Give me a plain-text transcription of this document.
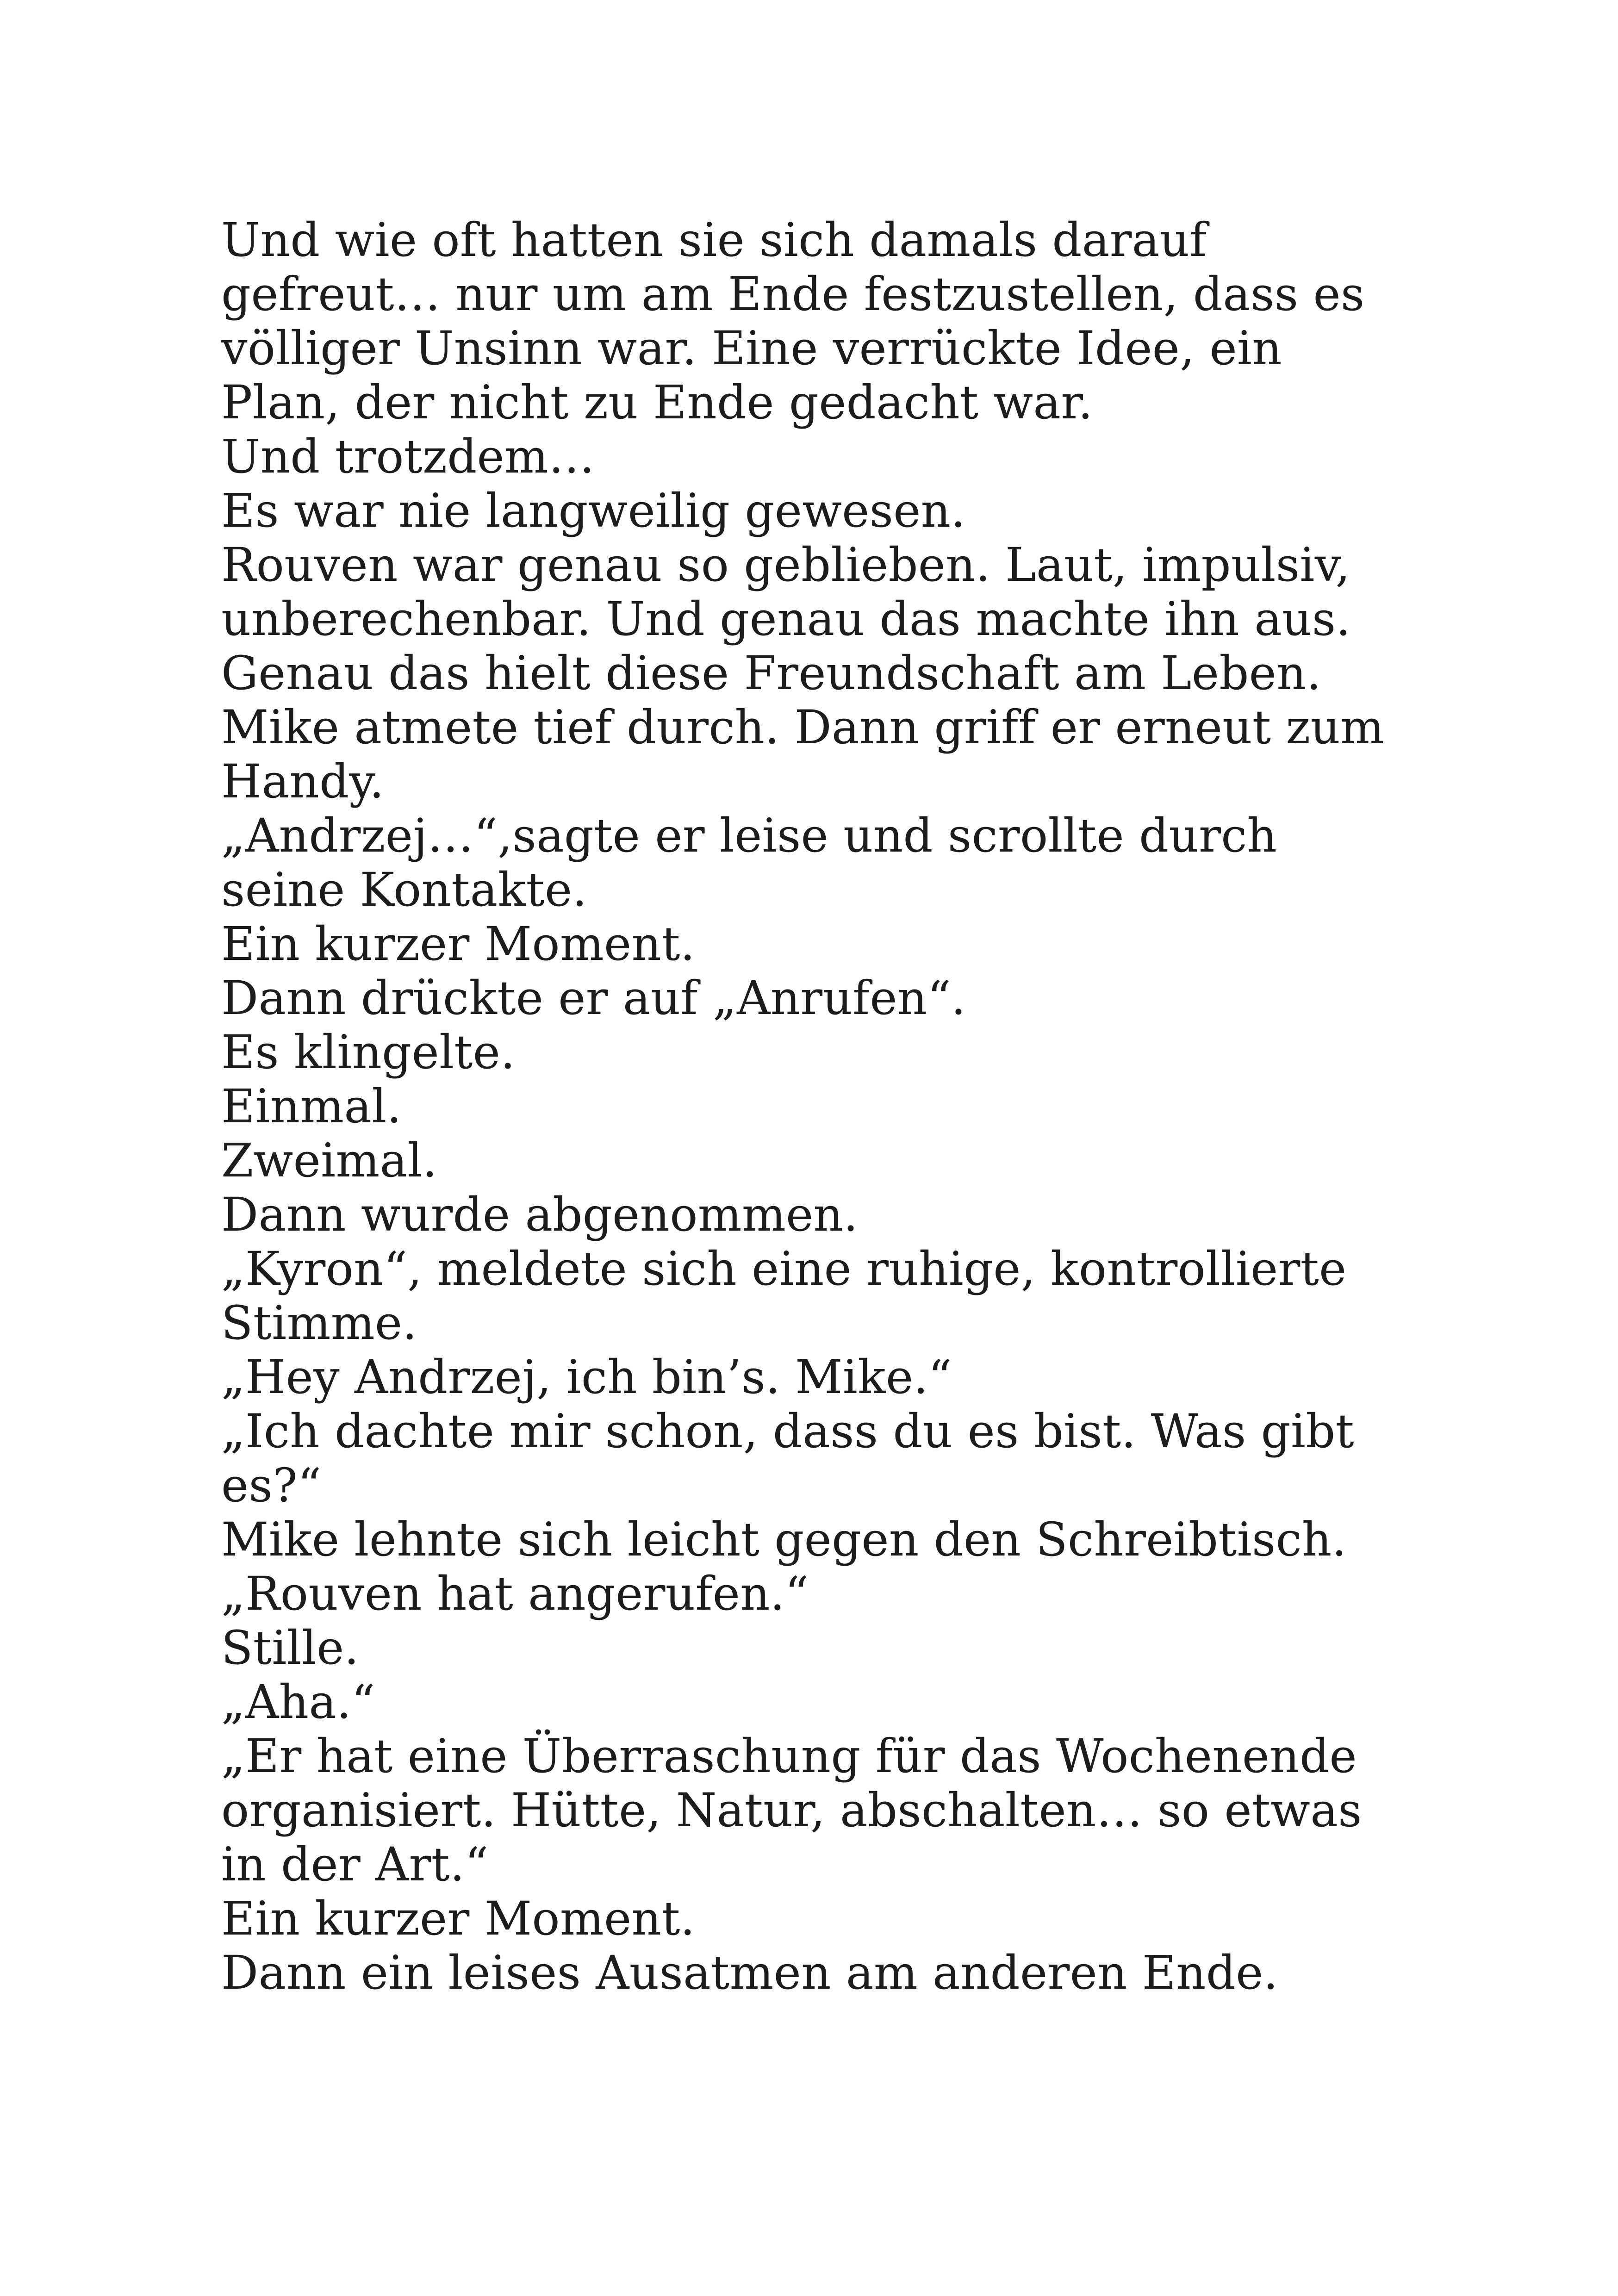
Und wie oft hatten sie sich damals darauf
gefreut… nur um am Ende festzustellen, dass es
völliger Unsinn war. Eine verrückte Idee, ein
Plan, der nicht zu Ende gedacht war.
Und trotzdem…
Es war nie langweilig gewesen.
Rouven war genau so geblieben. Laut, impulsiv,
unberechenbar. Und genau das machte ihn aus.
Genau das hielt diese Freundschaft am Leben.
Mike atmete tief durch. Dann griff er erneut zum
Handy.
„Andrzej…“,sagte er leise und scrollte durch
seine Kontakte.
Ein kurzer Moment.
Dann drückte er auf „Anrufen“.
Es klingelte.
Einmal.
Zweimal.
Dann wurde abgenommen.
„Kyron“, meldete sich eine ruhige, kontrollierte
Stimme.
„Hey Andrzej, ich bin’s. Mike.“
„Ich dachte mir schon, dass du es bist. Was gibt
es?“
Mike lehnte sich leicht gegen den Schreibtisch.
„Rouven hat angerufen.“
Stille.
„Aha.“
„Er hat eine Überraschung für das Wochenende
organisiert. Hütte, Natur, abschalten… so etwas
in der Art.“
Ein kurzer Moment.
Dann ein leises Ausatmen am anderen Ende.
